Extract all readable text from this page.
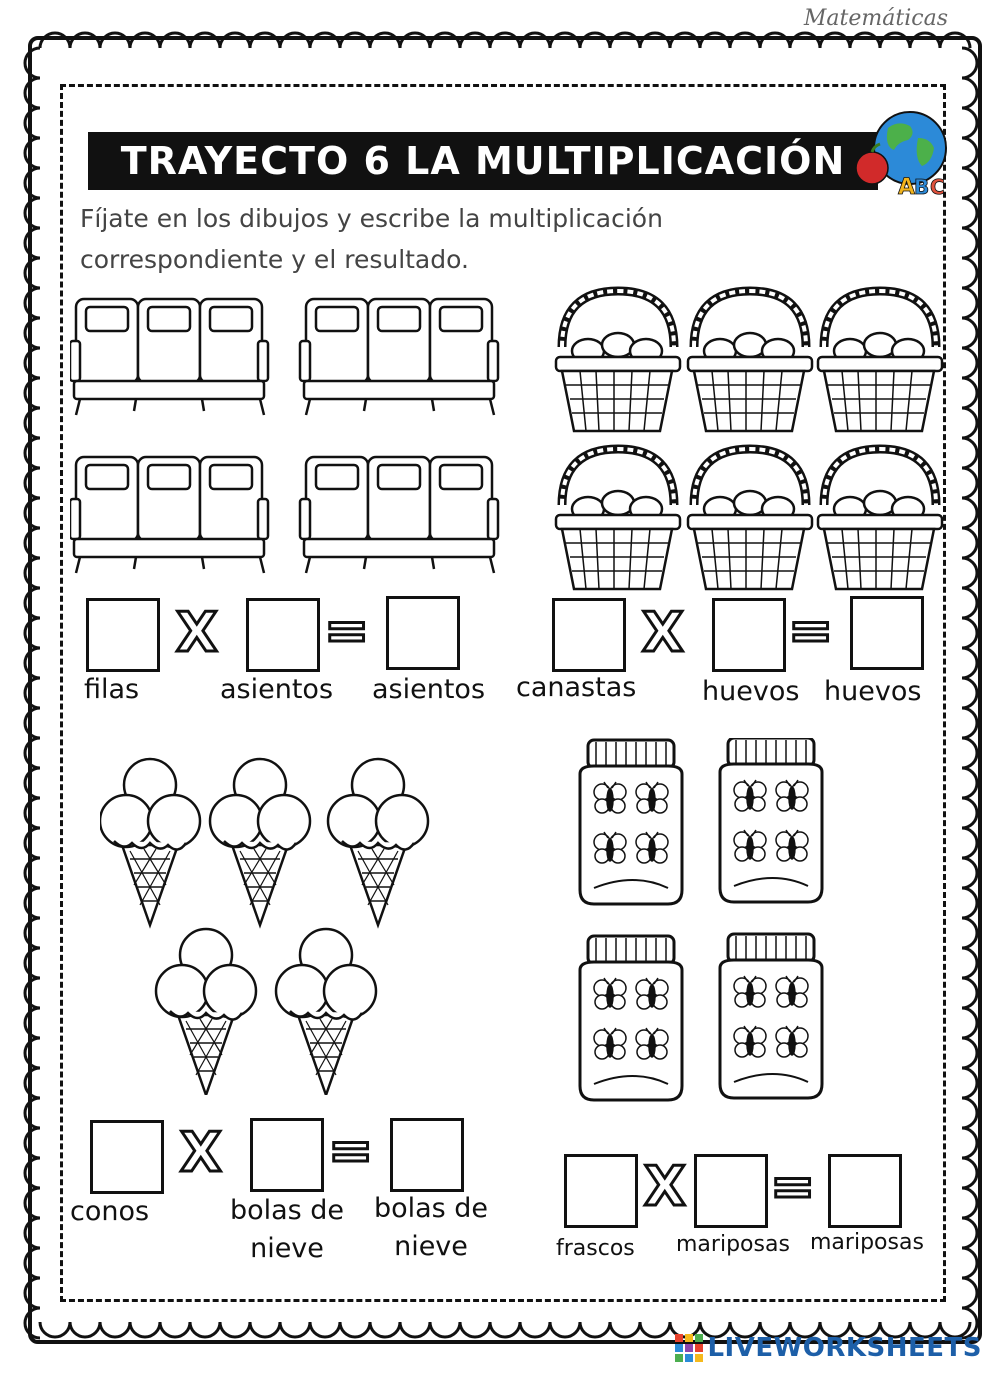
Matemáticas
TRAYECTO 6 LA MULTIPLICACIÓN
A
B C
Fíjate en los dibujos y escribe la multiplicación
correspondiente y el resultado.
X =
filas	asientos asientos
X =
canastas huevos huevos
X =
conos	bolas de nieve
bolas de nieve
X =
frascos mariposas mariposas
LIVEWORKSHEETS
